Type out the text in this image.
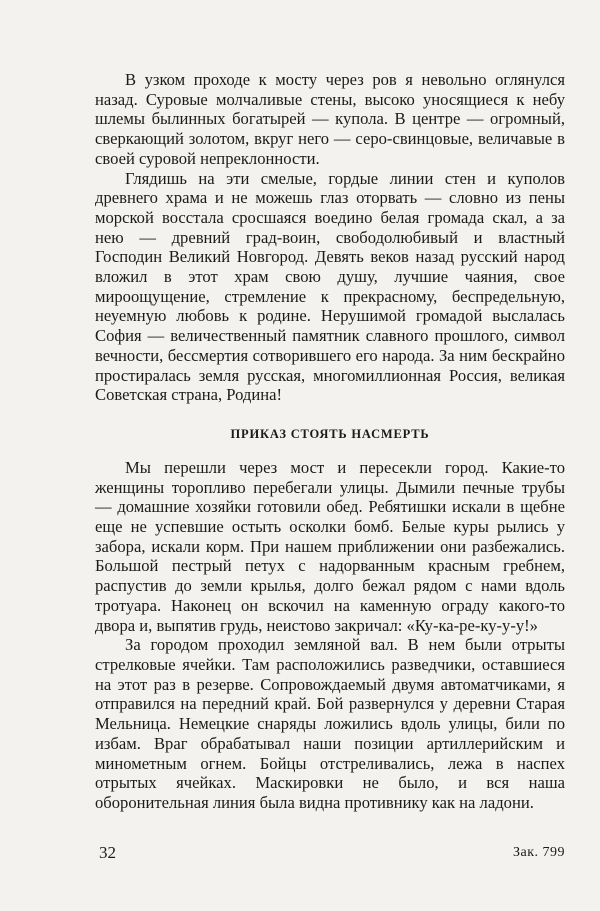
В узком проходе к мосту через ров я невольно оглянулся назад. Суровые молчаливые стены, высоко уносящиеся к небу шлемы былинных богатырей — купола. В центре — огромный, сверкающий золотом, вкруг него — серо-свинцовые, величавые в своей суровой непреклонности.

Глядишь на эти смелые, гордые линии стен и куполов древнего храма и не можешь глаз оторвать — словно из пены морской восстала сросшаяся воедино белая громада скал, а за нею — древний град-воин, свободолюбивый и властный Господин Великий Новгород. Девять веков назад русский народ вложил в этот храм свою душу, лучшие чаяния, свое мироощущение, стремление к прекрасному, беспредельную, неуемную любовь к родине. Нерушимой громадой выслалась София — величественный памятник славного прошлого, символ вечности, бессмертия сотворившего его народа. За ним бескрайно простиралась земля русская, многомиллионная Россия, великая Советская страна, Родина!

ПРИКАЗ СТОЯТЬ НАСМЕРТЬ

Мы перешли через мост и пересекли город. Какие-то женщины торопливо перебегали улицы. Дымили печные трубы — домашние хозяйки готовили обед. Ребятишки искали в щебне еще не успевшие остыть осколки бомб. Белые куры рылись у забора, искали корм. При нашем приближении они разбежались. Большой пестрый петух с надорванным красным гребнем, распустив до земли крылья, долго бежал рядом с нами вдоль тротуара. Наконец он вскочил на каменную ограду какого-то двора и, выпятив грудь, неистово закричал: «Ку-ка-ре-ку-у-у!»

За городом проходил земляной вал. В нем были отрыты стрелковые ячейки. Там расположились разведчики, оставшиеся на этот раз в резерве. Сопровождаемый двумя автоматчиками, я отправился на передний край. Бой развернулся у деревни Старая Мельница. Немецкие снаряды ложились вдоль улицы, били по избам. Враг обрабатывал наши позиции артиллерийским и минометным огнем. Бойцы отстреливались, лежа в наспех отрытых ячейках. Маскировки не было, и вся наша оборонительная линия была видна противнику как на ладони.

32	Зак. 799
